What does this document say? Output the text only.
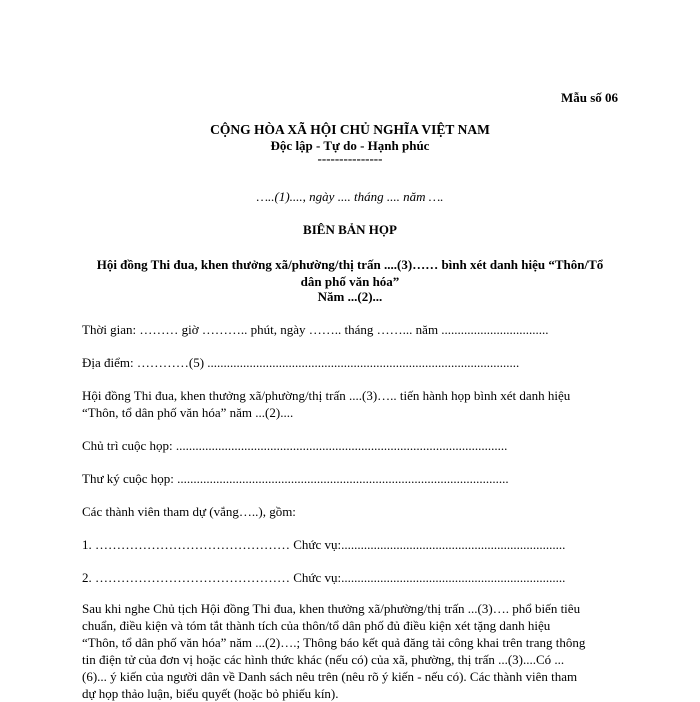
Mẫu số 06
CỘNG HÒA XÃ HỘI CHỦ NGHĨA VIỆT NAM
Độc lập - Tự do - Hạnh phúc
---------------
…..(1)...., ngày .... tháng .... năm ….
BIÊN BẢN HỌP
Hội đồng Thi đua, khen thưởng xã/phường/thị trấn ....(3)…… bình xét danh hiệu “Thôn/Tổ
dân phố văn hóa”
Năm ...(2)...
Thời gian: ……… giờ ……….. phút, ngày …….. tháng ……... năm .................................
Địa điểm: …………(5) ................................................................................................
Hội đồng Thi đua, khen thưởng xã/phường/thị trấn ....(3)….. tiến hành họp bình xét danh hiệu
“Thôn, tổ dân phố văn hóa” năm ...(2)....
Chủ trì cuộc họp: ......................................................................................................
Thư ký cuộc họp: ......................................................................................................
Các thành viên tham dự (vắng…..), gồm:
1. ……………………………………… Chức vụ:.....................................................................
2. ……………………………………… Chức vụ:.....................................................................
Sau khi nghe Chủ tịch Hội đồng Thi đua, khen thưởng xã/phường/thị trấn ...(3)…. phổ biến tiêu
chuẩn, điều kiện và tóm tắt thành tích của thôn/tổ dân phố đủ điều kiện xét tặng danh hiệu
“Thôn, tổ dân phố văn hóa” năm ...(2)….; Thông báo kết quả đăng tải công khai trên trang thông
tin điện tử của đơn vị hoặc các hình thức khác (nếu có) của xã, phường, thị trấn ...(3)....Có ...
(6)... ý kiến của người dân về Danh sách nêu trên (nêu rõ ý kiến - nếu có). Các thành viên tham
dự họp thảo luận, biểu quyết (hoặc bỏ phiếu kín).
